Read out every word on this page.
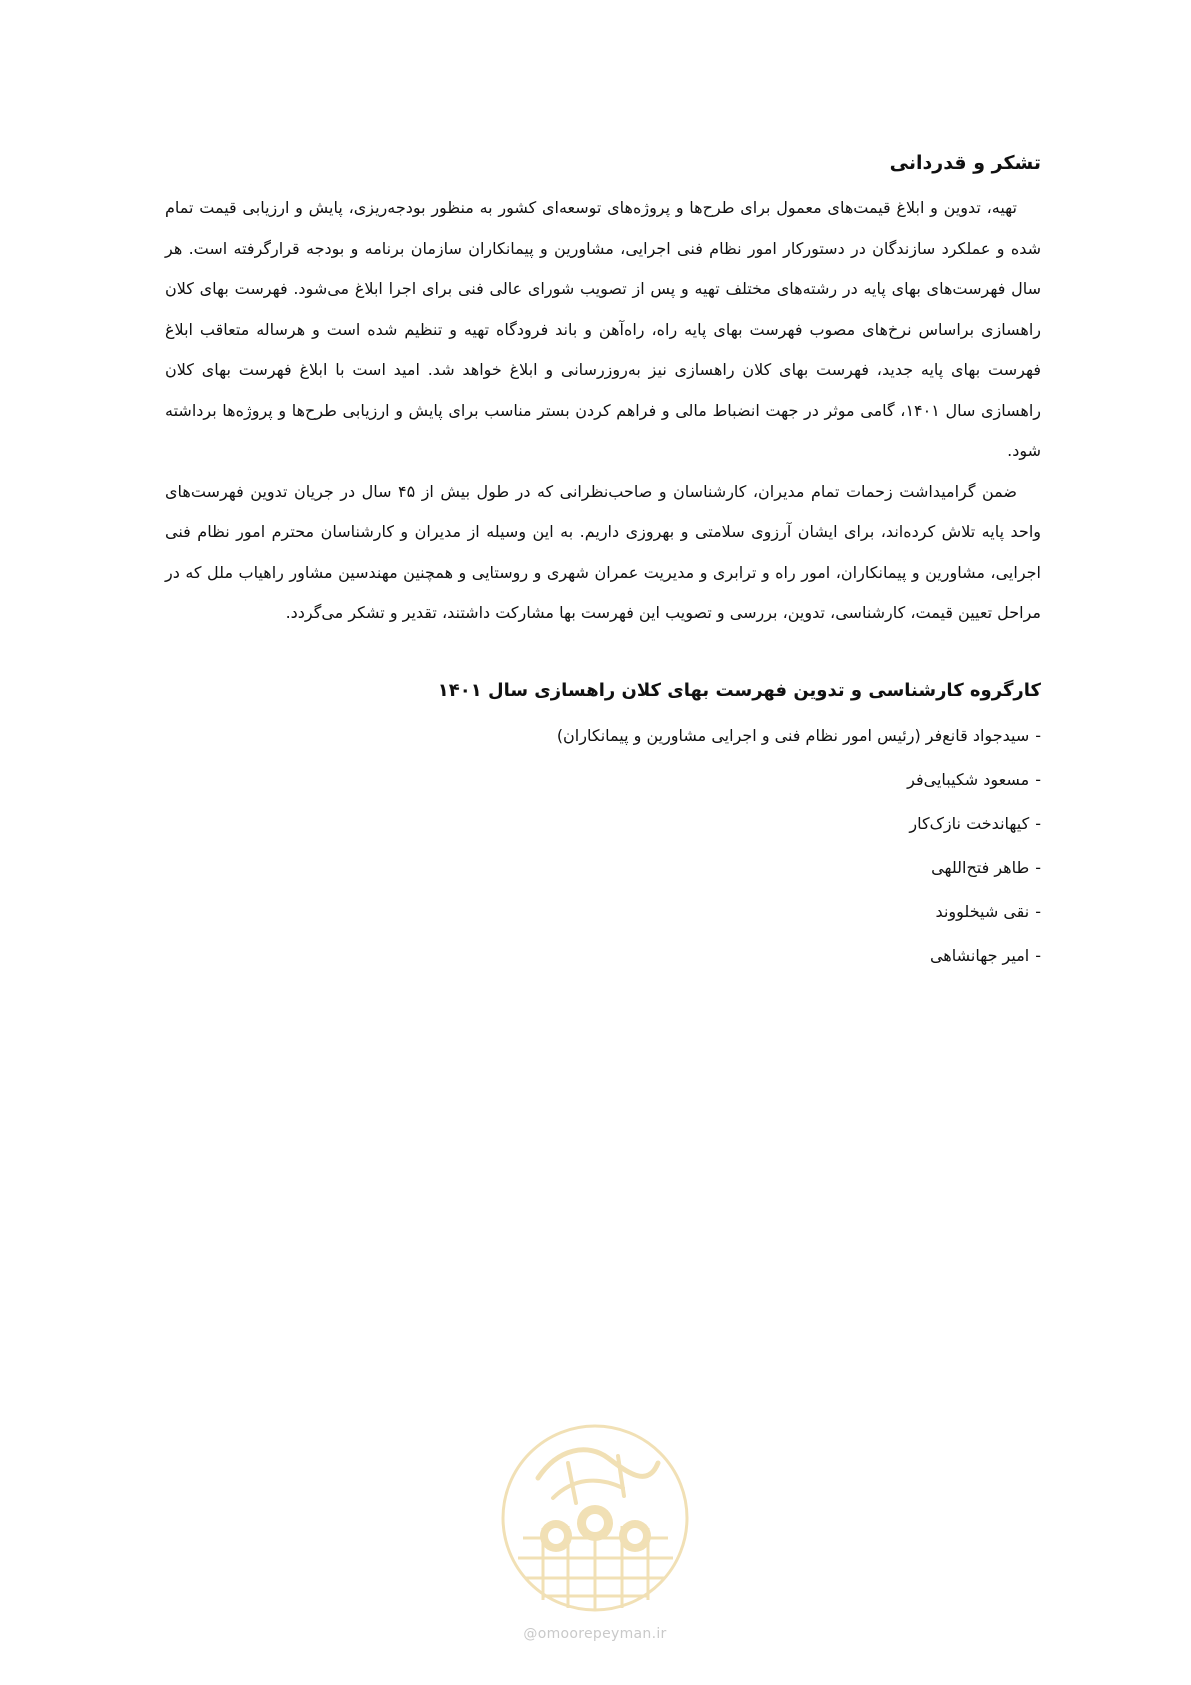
تشکر و قدردانی

تهیه، تدوین و ابلاغ قیمت‌های معمول برای طرح‌ها و پروژه‌های توسعه‌ای کشور به منظور بودجه‌ریزی، پایش و ارزیابی قیمت تمام شده و عملکرد سازندگان در دستورکار امور نظام فنی اجرایی، مشاورین و پیمانکاران سازمان برنامه و بودجه قرارگرفته است. هر سال فهرست‌های بهای پایه در رشته‌های مختلف تهیه و پس از تصویب شورای عالی فنی برای اجرا ابلاغ می‌شود. فهرست بهای کلان راهسازی براساس نرخ‌های مصوب فهرست بهای پایه راه، راه‌آهن و باند فرودگاه تهیه و تنظیم شده است و هرساله متعاقب ابلاغ فهرست بهای پایه جدید، فهرست بهای کلان راهسازی نیز به‌روزرسانی و ابلاغ خواهد شد. امید است با ابلاغ فهرست بهای کلان راهسازی سال ۱۴۰۱، گامی موثر در جهت انضباط مالی و فراهم کردن بستر مناسب برای پایش و ارزیابی طرح‌ها و پروژه‌ها برداشته شود.

ضمن گرامیداشت زحمات تمام مدیران، کارشناسان و صاحب‌نظرانی که در طول بیش از ۴۵ سال در جریان تدوین فهرست‌های واحد پایه تلاش کرده‌اند، برای ایشان آرزوی سلامتی و بهروزی داریم. به این وسیله از مدیران و کارشناسان محترم امور نظام فنی اجرایی، مشاورین و پیمانکاران، امور راه و ترابری و مدیریت عمران شهری و روستایی و همچنین مهندسین مشاور راهیاب ملل که در مراحل تعیین قیمت، کارشناسی، تدوین، بررسی و تصویب این فهرست بها مشارکت داشتند، تقدیر و تشکر می‌گردد.

کارگروه کارشناسی و تدوین فهرست بهای کلان راهسازی سال ۱۴۰۱
-سیدجواد قانع‌فر (رئیس امور نظام فنی و اجرایی مشاورین و پیمانکاران)
-مسعود شکیبایی‌فر
-کیهاندخت نازک‌کار
-طاهر فتح‌اللهی
-نقی شیخلووند
-امیر جهانشاهی
@omoorepeyman.ir
